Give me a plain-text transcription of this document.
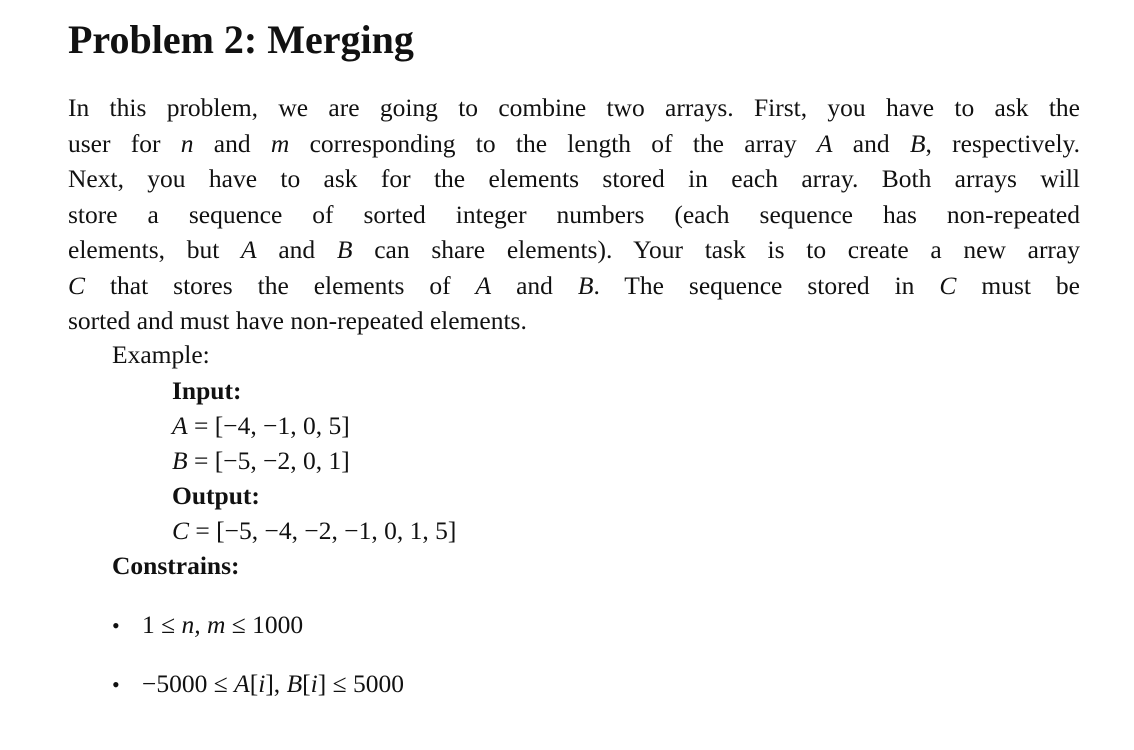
Problem 2: Merging
In this problem, we are going to combine two arrays. First, you have to ask the
user for n and m corresponding to the length of the array A and B, respectively.
Next, you have to ask for the elements stored in each array. Both arrays will
store a sequence of sorted integer numbers (each sequence has non-repeated
elements, but A and B can share elements). Your task is to create a new array
C that stores the elements of A and B. The sequence stored in C must be
sorted and must have non-repeated elements.
Example:
Input:
A = [−4, −1, 0, 5]
B = [−5, −2, 0, 1]
Output:
C = [−5, −4, −2, −1, 0, 1, 5]
Constrains:
• 1 ≤ n, m ≤ 1000
• −5000 ≤ A[i], B[i] ≤ 5000
